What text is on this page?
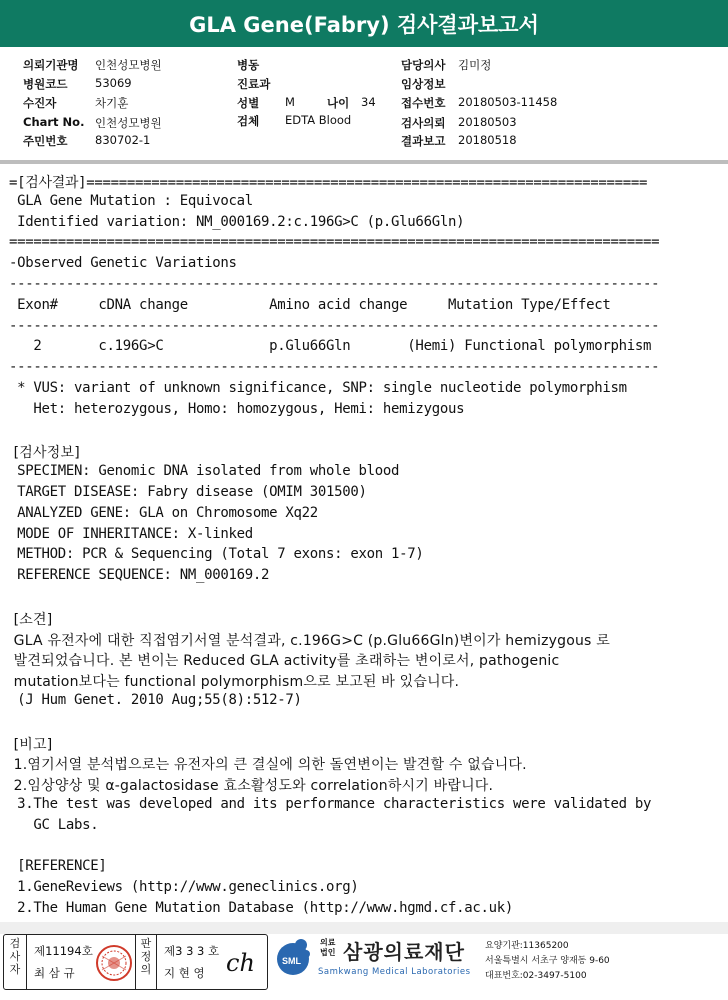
GLA Gene(Fabry) 검사결과보고서
의뢰기관명 인천성모병원
병원코드 53069
수진자	차기훈
Chart No. 인천성모병원
주민번호 830702-1
병동
진료과
성별 M	나이 34
검체 EDTA Blood
담당의사 김미정
임상정보
접수번호 20180503-11458
검사의뢰 20180503
결과보고 20180518
=[검사결과]=====================================================================
GLA Gene Mutation : Equivocal
Identified variation: NM_000169.2:c.196G>C (p.Glu66Gln)
================================================================================
-Observed Genetic Variations
--------------------------------------------------------------------------------
Exon#     cDNA change          Amino acid change     Mutation Type/Effect
--------------------------------------------------------------------------------
2       c.196G>C             p.Glu66Gln       (Hemi) Functional polymorphism
--------------------------------------------------------------------------------
* VUS: variant of unknown significance, SNP: single nucleotide polymorphism
Het: heterozygous, Homo: homozygous, Hemi: hemizygous
[검사정보]
SPECIMEN: Genomic DNA isolated from whole blood
TARGET DISEASE: Fabry disease (OMIM 301500)
ANALYZED GENE: GLA on Chromosome Xq22
MODE OF INHERITANCE: X-linked
METHOD: PCR & Sequencing (Total 7 exons: exon 1-7)
REFERENCE SEQUENCE: NM_000169.2
[소견]
GLA 유전자에 대한 직접염기서열 분석결과, c.196G>C (p.Glu66Gln)변이가 hemizygous 로
발견되었습니다. 본 변이는 Reduced GLA activity를 초래하는 변이로서, pathogenic
mutation보다는 functional polymorphism으로 보고된 바 있습니다.
(J Hum Genet. 2010 Aug;55(8):512-7)
[비고]
1.염기서열 분석법으로는 유전자의 큰 결실에 의한 돌연변이는 발견할 수 없습니다.
2.임상양상 및 α-galactosidase 효소활성도와 correlation하시기 바랍니다.
3.The test was developed and its performance characteristics were validated by
GC Labs.
[REFERENCE]
1.GeneReviews (http://www.geneclinics.org)
2.The Human Gene Mutation Database (http://www.hgmd.cf.ac.uk)
검사자
제11194호
최 삼 규
판정의
제3 3 3 호
지 현 영 ch	SML
의료
법인 삼광의료재단
Samkwang Medical Laboratories
요양기관:11365200
서울특별시 서초구 양재동 9-60
대표번호:02-3497-5100
